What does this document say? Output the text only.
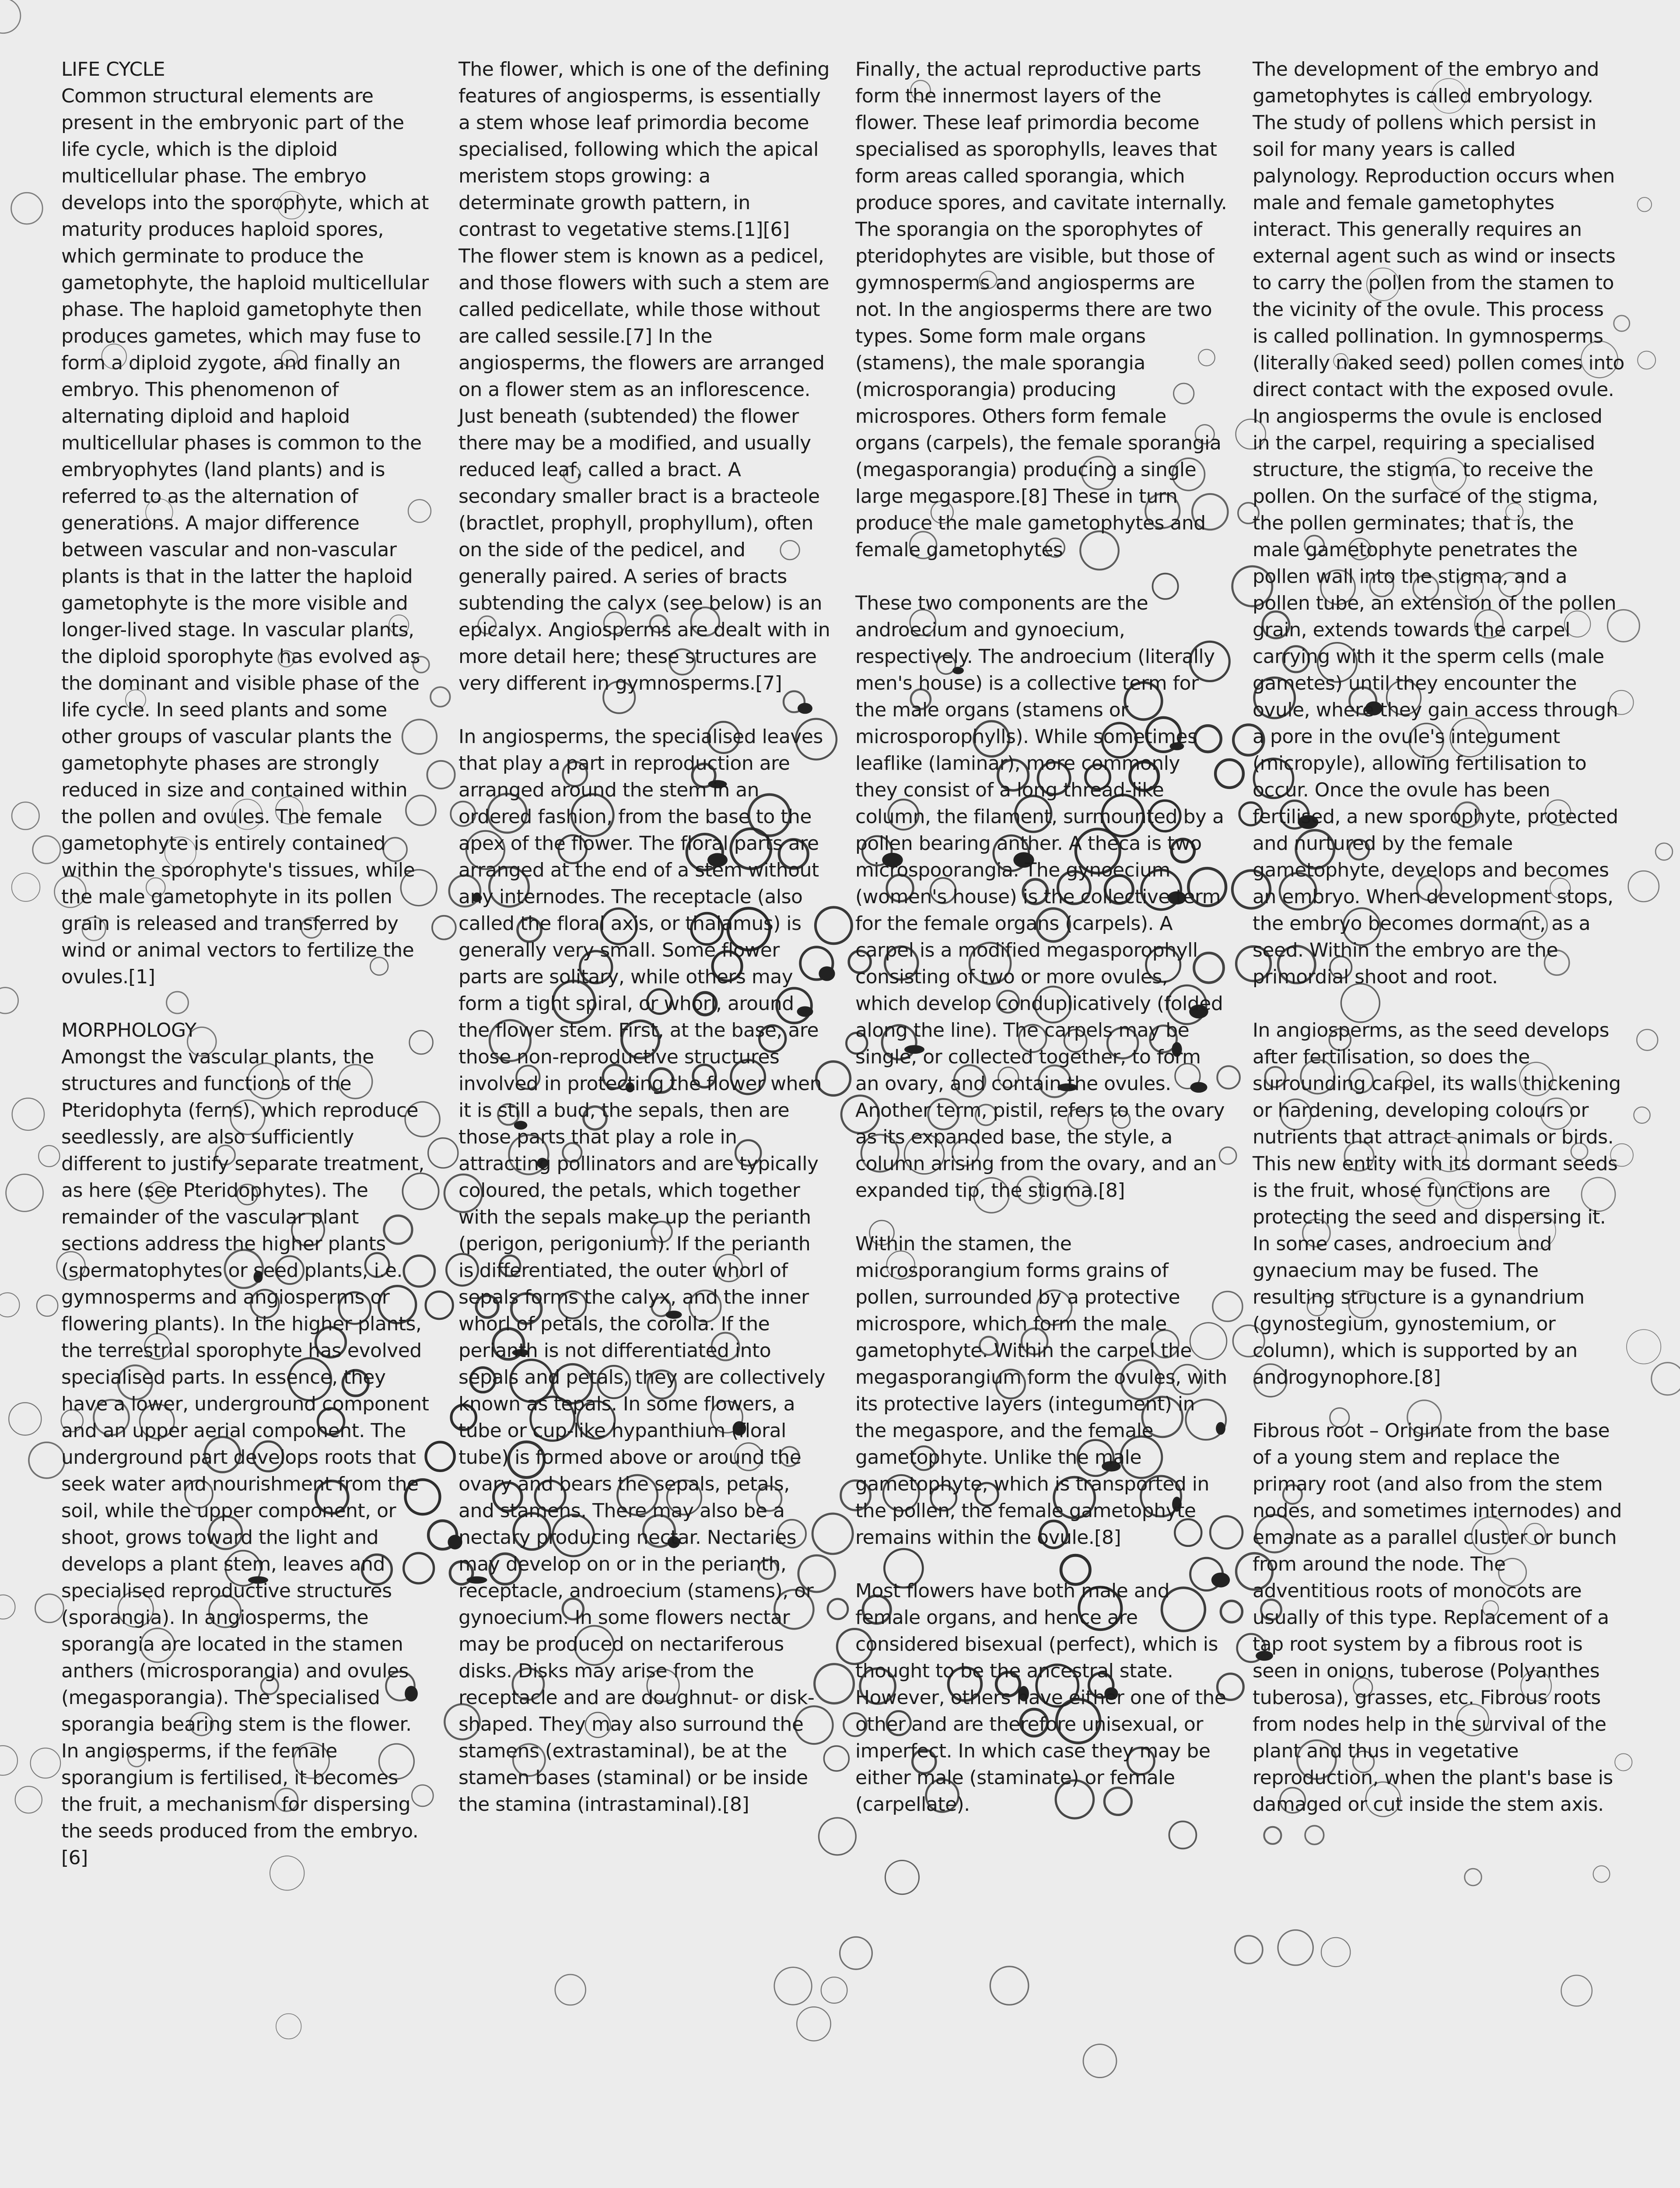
LIFE CYCLE

Common structural elements are present in the embryonic part of the life cycle, which is the diploid multicellular phase. The embryo develops into the sporophyte, which at maturity produces haploid spores, which germinate to produce the gametophyte, the haploid multicellular phase. The haploid gametophyte then produces gametes, which may fuse to form a diploid zygote, and finally an embryo. This phenomenon of alternating diploid and haploid multicellular phases is common to the embryophytes (land plants) and is referred to as the alternation of generations. A major difference between vascular and non-vascular plants is that in the latter the haploid gametophyte is the more visible and longer-lived stage. In vascular plants, the diploid sporophyte has evolved as the dominant and visible phase of the life cycle. In seed plants and some other groups of vascular plants the gametophyte phases are strongly reduced in size and contained within the pollen and ovules. The female gametophyte is entirely contained within the sporophyte's tissues, while the male gametophyte in its pollen grain is released and transferred by wind or animal vectors to fertilize the ovules.[1]

MORPHOLOGY

Amongst the vascular plants, the structures and functions of the Pteridophyta (ferns), which reproduce seedlessly, are also sufficiently different to justify separate treatment, as here (see Pteridophytes). The remainder of the vascular plant sections address the higher plants (spermatophytes or seed plants, i.e. gymnosperms and angiosperms or flowering plants). In the higher plants, the terrestrial sporophyte has evolved specialised parts. In essence, they have a lower, underground component and an upper aerial component. The underground part develops roots that seek water and nourishment from the soil, while the upper component, or shoot, grows toward the light and develops a plant stem, leaves and specialised reproductive structures (sporangia). In angiosperms, the sporangia are located in the stamen anthers (microsporangia) and ovules (megasporangia). The specialised sporangia bearing stem is the flower. In angiosperms, if the female sporangium is fertilised, it becomes the fruit, a mechanism for dispersing the seeds produced from the embryo.[6]

The flower, which is one of the defining features of angiosperms, is essentially a stem whose leaf primordia become specialised, following which the apical meristem stops growing: a determinate growth pattern, in contrast to vegetative stems.[1][6] The flower stem is known as a pedicel, and those flowers with such a stem are called pedicellate, while those without are called sessile.[7] In the angiosperms, the flowers are arranged on a flower stem as an inflorescence. Just beneath (subtended) the flower there may be a modified, and usually reduced leaf, called a bract. A secondary smaller bract is a bracteole (bractlet, prophyll, prophyllum), often on the side of the pedicel, and generally paired. A series of bracts subtending the calyx (see below) is an epicalyx. Angiosperms are dealt with in more detail here; these structures are very different in gymnosperms.[7]

In angiosperms, the specialised leaves that play a part in reproduction are arranged around the stem in an ordered fashion, from the base to the apex of the flower. The floral parts are arranged at the end of a stem without any internodes. The receptacle (also called the floral axis, or thalamus) is generally very small. Some flower parts are solitary, while others may form a tight spiral, or whorl, around the flower stem. First, at the base, are those non-reproductive structures involved in protecting the flower when it is still a bud, the sepals, then are those parts that play a role in attracting pollinators and are typically coloured, the petals, which together with the sepals make up the perianth (perigon, perigonium). If the perianth is differentiated, the outer whorl of sepals forms the calyx, and the inner whorl of petals, the corolla. If the perianth is not differentiated into sepals and petals, they are collectively known as tepals. In some flowers, a tube or cup-like hypanthium (floral tube) is formed above or around the ovary and bears the sepals, petals, and stamens. There may also be a nectary producing nectar. Nectaries may develop on or in the perianth, receptacle, androecium (stamens), or gynoecium. In some flowers nectar may be produced on nectariferous disks. Disks may arise from the receptacle and are doughnut- or disk-shaped. They may also surround the stamens (extrastaminal), be at the stamen bases (staminal) or be inside the stamina (intrastaminal).[8]

Finally, the actual reproductive parts form the innermost layers of the flower. These leaf primordia become specialised as sporophylls, leaves that form areas called sporangia, which produce spores, and cavitate internally. The sporangia on the sporophytes of pteridophytes are visible, but those of gymnosperms and angiosperms are not. In the angiosperms there are two types. Some form male organs (stamens), the male sporangia (microsporangia) producing microspores. Others form female organs (carpels), the female sporangia (megasporangia) producing a single large megaspore.[8] These in turn produce the male gametophytes and female gametophytes

These two components are the androecium and gynoecium, respectively. The androecium (literally men's house) is a collective term for the male organs (stamens or microsporophylls). While sometimes leaflike (laminar), more commonly they consist of a long thread-like column, the filament, surmounted by a pollen bearing anther. A theca is two microspoorangia. The gynoecium (women's house) is the collective term for the female organs (carpels). A carpel is a modified megasporophyll consisting of two or more ovules, which develop conduplicatively (folded along the line). The carpels may be single, or collected together, to form an ovary, and contain the ovules. Another term, pistil, refers to the ovary as its expanded base, the style, a column arising from the ovary, and an expanded tip, the stigma.[8]

Within the stamen, the microsporangium forms grains of pollen, surrounded by a protective microspore, which form the male gametophyte. Within the carpel the megasporangium form the ovules, with its protective layers (integument) in the megaspore, and the female gametophyte. Unlike the male gametophyte, which is transported in the pollen, the female gametophyte remains within the ovule.[8]

Most flowers have both male and female organs, and hence are considered bisexual (perfect), which is thought to be the ancestral state. However, others have either one of the other and are therefore unisexual, or imperfect. In which case they may be either male (staminate) or female (carpellate).

The development of the embryo and gametophytes is called embryology. The study of pollens which persist in soil for many years is called palynology. Reproduction occurs when male and female gametophytes interact. This generally requires an external agent such as wind or insects to carry the pollen from the stamen to the vicinity of the ovule. This process is called pollination. In gymnosperms (literally naked seed) pollen comes into direct contact with the exposed ovule. In angiosperms the ovule is enclosed in the carpel, requiring a specialised structure, the stigma, to receive the pollen. On the surface of the stigma, the pollen germinates; that is, the male gametophyte penetrates the pollen wall into the stigma, and a pollen tube, an extension of the pollen grain, extends towards the carpel carrying with it the sperm cells (male gametes) until they encounter the ovule, where they gain access through a pore in the ovule's integument (micropyle), allowing fertilisation to occur. Once the ovule has been fertilised, a new sporophyte, protected and nurtured by the female gametophyte, develops and becomes an embryo. When development stops, the embryo becomes dormant, as a seed. Within the embryo are the primordial shoot and root.

In angiosperms, as the seed develops after fertilisation, so does the surrounding carpel, its walls thickening or hardening, developing colours or nutrients that attract animals or birds. This new entity with its dormant seeds is the fruit, whose functions are protecting the seed and dispersing it. In some cases, androecium and gynaecium may be fused. The resulting structure is a gynandrium (gynostegium, gynostemium, or column), which is supported by an androgynophore.[8]

Fibrous root – Originate from the base of a young stem and replace the primary root (and also from the stem nodes, and sometimes internodes) and emanate as a parallel cluster or bunch from around the node. The adventitious roots of monocots are usually of this type. Replacement of a tap root system by a fibrous root is seen in onions, tuberose (Polyanthes tuberosa), grasses, etc. Fibrous roots from nodes help in the survival of the plant and thus in vegetative reproduction, when the plant's base is damaged or cut inside the stem axis.
